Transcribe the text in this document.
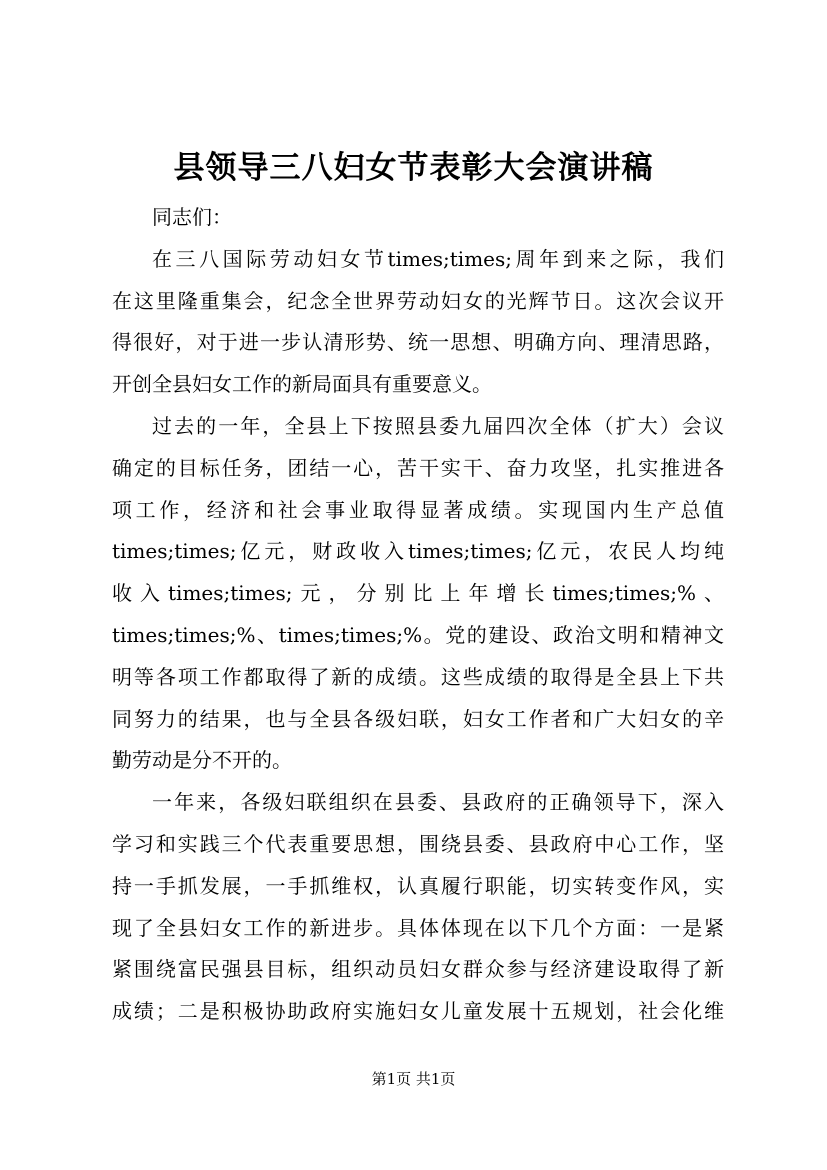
县领导三八妇女节表彰大会演讲稿
同志们：
在三八国际劳动妇女节times;times;周年到来之际，我们
在这里隆重集会，纪念全世界劳动妇女的光辉节日。这次会议开
得很好，对于进一步认清形势、统一思想、明确方向、理清思路，
开创全县妇女工作的新局面具有重要意义。
过去的一年，全县上下按照县委九届四次全体（扩大）会议
确定的目标任务，团结一心，苦干实干、奋力攻坚，扎实推进各
项工作，经济和社会事业取得显著成绩。实现国内生产总值
times;times;亿元，财政收入times;times;亿元，农民人均纯
收入times;times;元，分别比上年增长times;times;%、
times;times;%、times;times;%。党的建设、政治文明和精神文
明等各项工作都取得了新的成绩。这些成绩的取得是全县上下共
同努力的结果，也与全县各级妇联，妇女工作者和广大妇女的辛
勤劳动是分不开的。
一年来，各级妇联组织在县委、县政府的正确领导下，深入
学习和实践三个代表重要思想，围绕县委、县政府中心工作，坚
持一手抓发展，一手抓维权，认真履行职能，切实转变作风，实
现了全县妇女工作的新进步。具体体现在以下几个方面：一是紧
紧围绕富民强县目标，组织动员妇女群众参与经济建设取得了新
成绩；二是积极协助政府实施妇女儿童发展十五规划，社会化维
第1页 共1页
